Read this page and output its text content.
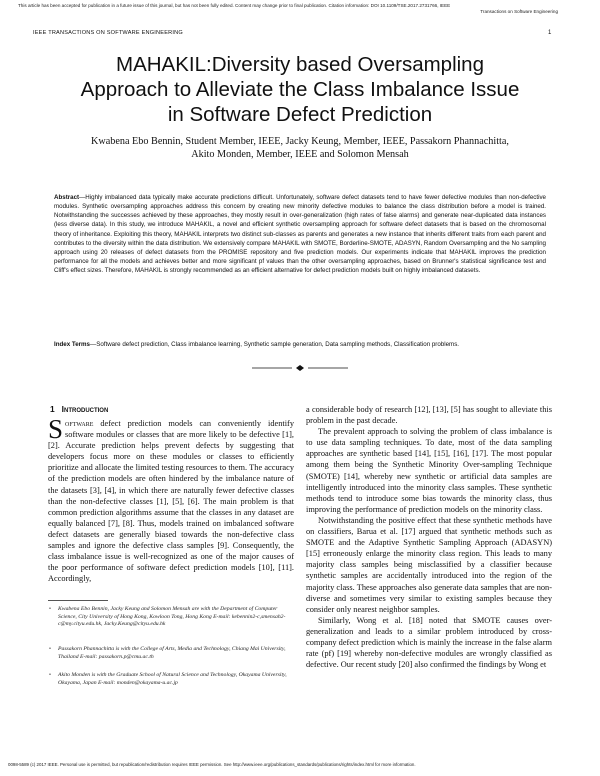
This article has been accepted for publication in a future issue of this journal, but has not been fully edited. Content may change prior to final publication. Citation information: DOI 10.1109/TSE.2017.2731766, IEEE
Transactions on Software Engineering
IEEE TRANSACTIONS ON SOFTWARE ENGINEERING	1
MAHAKIL:Diversity based Oversampling
Approach to Alleviate the Class Imbalance Issue
in Software Defect Prediction
Kwabena Ebo Bennin, Student Member, IEEE, Jacky Keung, Member, IEEE, Passakorn Phannachitta,
Akito Monden, Member, IEEE and Solomon Mensah
Abstract—Highly imbalanced data typically make accurate predictions difficult. Unfortunately, software defect datasets tend to have fewer defective modules than non-defective modules. Synthetic oversampling approaches address this concern by creating new minority defective modules to balance the class distribution before a model is trained. Notwithstanding the successes achieved by these approaches, they mostly result in over-generalization (high rates of false alarms) and generate near-duplicated data instances (less diverse data). In this study, we introduce MAHAKIL, a novel and efficient synthetic oversampling approach for software defect datasets that is based on the chromosomal theory of inheritance. Exploiting this theory, MAHAKIL interprets two distinct sub-classes as parents and generates a new instance that inherits different traits from each parent and contributes to the diversity within the data distribution. We extensively compare MAHAKIL with SMOTE, Borderline-SMOTE, ADASYN, Random Oversampling and the No sampling approach using 20 releases of defect datasets from the PROMISE repository and five prediction models. Our experiments indicate that MAHAKIL improves the prediction performance for all the models and achieves better and more significant pf values than the other oversampling approaches, based on Brunner's statistical significance test and Cliff's effect sizes. Therefore, MAHAKIL is strongly recommended as an efficient alternative for defect prediction models built on highly imbalanced datasets.
Index Terms—Software defect prediction, Class imbalance learning, Synthetic sample generation, Data sampling methods, Classification problems.
1 Introduction

Software defect prediction models can conveniently identify software modules or classes that are more likely to be defective [1], [2]. Accurate prediction helps prevent defects by suggesting that developers focus more on these modules or classes to efficiently prioritize and allocate the limited testing resources to them. The accuracy of the prediction models are often hindered by the imbalance nature of the datasets [3], [4], in which there are naturally fewer defective classes than the non-defective classes [1], [5], [6]. The main problem is that common prediction algorithms assume that the classes in any dataset are equally balanced [7], [8]. Thus, models trained on imbalanced software defect datasets are generally biased towards the non-defective class samples and ignore the defective class samples [9]. Consequently, the class imbalance issue is well-recognized as one of the major causes of the poor performance of software defect prediction models [10], [11]. Accordingly,

a considerable body of research [12], [13], [5] has sought to alleviate this problem in the past decade.

The prevalent approach to solving the problem of class imbalance is to use data sampling techniques. To date, most of the data sampling approaches are synthetic based [14], [15], [16], [17]. The most popular among them being the Synthetic Minority Over-sampling Technique (SMOTE) [14], whereby new synthetic or artificial data samples are intelligently introduced into the minority class samples. These synthetic methods tend to introduce some bias towards the minority class, thus improving the performance of prediction models on the minority class.

Notwithstanding the positive effect that these synthetic methods have on classifiers, Barua et al. [17] argued that synthetic methods such as SMOTE and the Adaptive Synthetic Sampling Approach (ADASYN) [15] erroneously enlarge the minority class region. This leads to many majority class samples being misclassified by a classifier because synthetic samples are accidentally introduced into the region of the majority class. These approaches also generate data samples that are non-diverse and sometimes very similar to existing samples because they consider only nearest neighbor samples.

Similarly, Wong et al. [18] noted that SMOTE causes over-generalization and leads to a similar problem introduced by cross-company defect prediction which is mainly the increase in the false alarm rate (pf) [19] whereby non-defective modules are wrongly classified as defective. Our recent study [20] also confirmed the findings by Wong et

• Kwabena Ebo Bennin, Jacky Keung and Solomon Mensah are with the Department of Computer Science, City University of Hong Kong, Kowloon Tong, Hong Kong E-mail: kebennin2-c,smensah2-c@my.cityu.edu.hk, Jacky.Keung@cityu.edu.hk
• Passakorn Phannachitta is with the College of Arts, Media and Technology, Chiang Mai University, Thailand E-mail: passakorn.p@cmu.ac.th
• Akito Monden is with the Graduate School of Natural Science and Technology, Okayama University, Okayama, Japan E-mail: monden@okayama-u.ac.jp
0098-5589 (c) 2017 IEEE. Personal use is permitted, but republication/redistribution requires IEEE permission. See http://www.ieee.org/publications_standards/publications/rights/index.html for more information.
